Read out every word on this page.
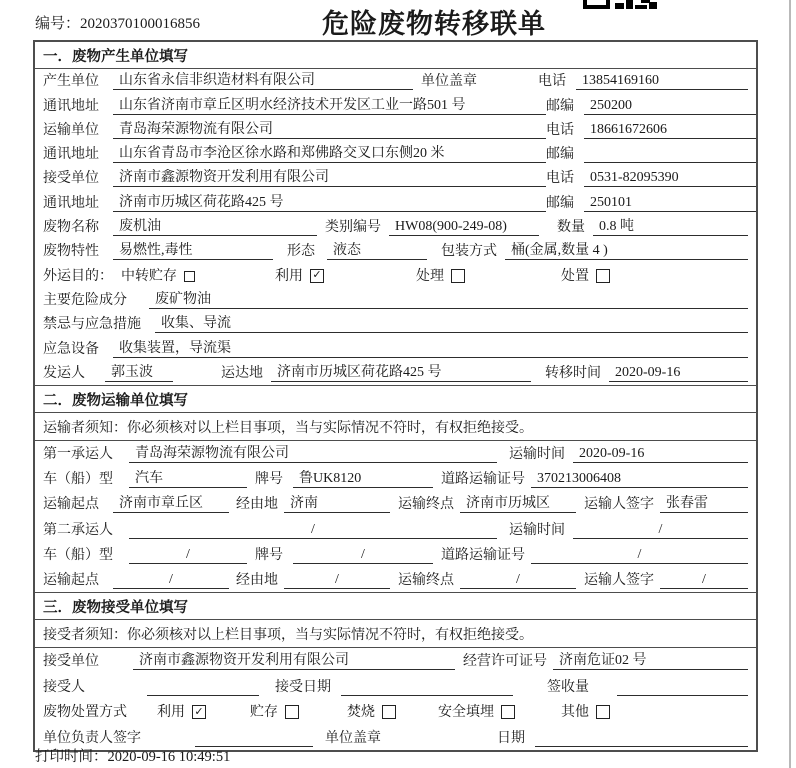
编号：2020370100016856	危险废物转移联单
一．废物产生单位填写
产生单位	山东省永信非织造材料有限公司	单位盖章	电话	13854169160
通讯地址	山东省济南市章丘区明水经济技术开发区工业一路501 号	邮编	250200
运输单位	青岛海荣源物流有限公司	电话	18661672606
通讯地址	山东省青岛市李沧区徐水路和郑佛路交叉口东侧20 米	邮编
接受单位	济南市鑫源物资开发利用有限公司	电话	0531-82095390
通讯地址	济南市历城区荷花路425 号	邮编	250101
废物名称	废机油	类别编号	HW08(900-249-08)	数量	0.8 吨
废物特性	易燃性,毒性	形态	液态	包装方式	桶(金属,数量 4 )
外运目的： 中转贮存	利用 ✓	处理	处置
主要危险成分	废矿物油
禁忌与应急措施	收集、导流
应急设备	收集装置，导流渠
发运人	郭玉波	运达地	济南市历城区荷花路425 号	转移时间	2020-09-16
二．废物运输单位填写
运输者须知：你必须核对以上栏目事项，当与实际情况不符时，有权拒绝接受。
第一承运人	青岛海荣源物流有限公司	运输时间	2020-09-16
车（船）型	汽车	牌号	鲁UK8120	道路运输证号 370213006408
运输起点	济南市章丘区	经由地 济南	运输终点 济南市历城区	运输人签字 张春雷
第二承运人	/	运输时间	/
车（船）型	/	牌号	/	道路运输证号	/
运输起点	/	经由地	/	运输终点	/	运输人签字	/
三．废物接受单位填写
接受者须知：你必须核对以上栏目事项，当与实际情况不符时，有权拒绝接受。
接受单位	济南市鑫源物资开发利用有限公司	经营许可证号 济南危证02 号
接受人	接受日期	签收量
废物处置方式 利用 ✓	贮存	焚烧	安全填埋	其他
单位负责人签字	单位盖章	日期
打印时间：2020-09-16 10:49:51
